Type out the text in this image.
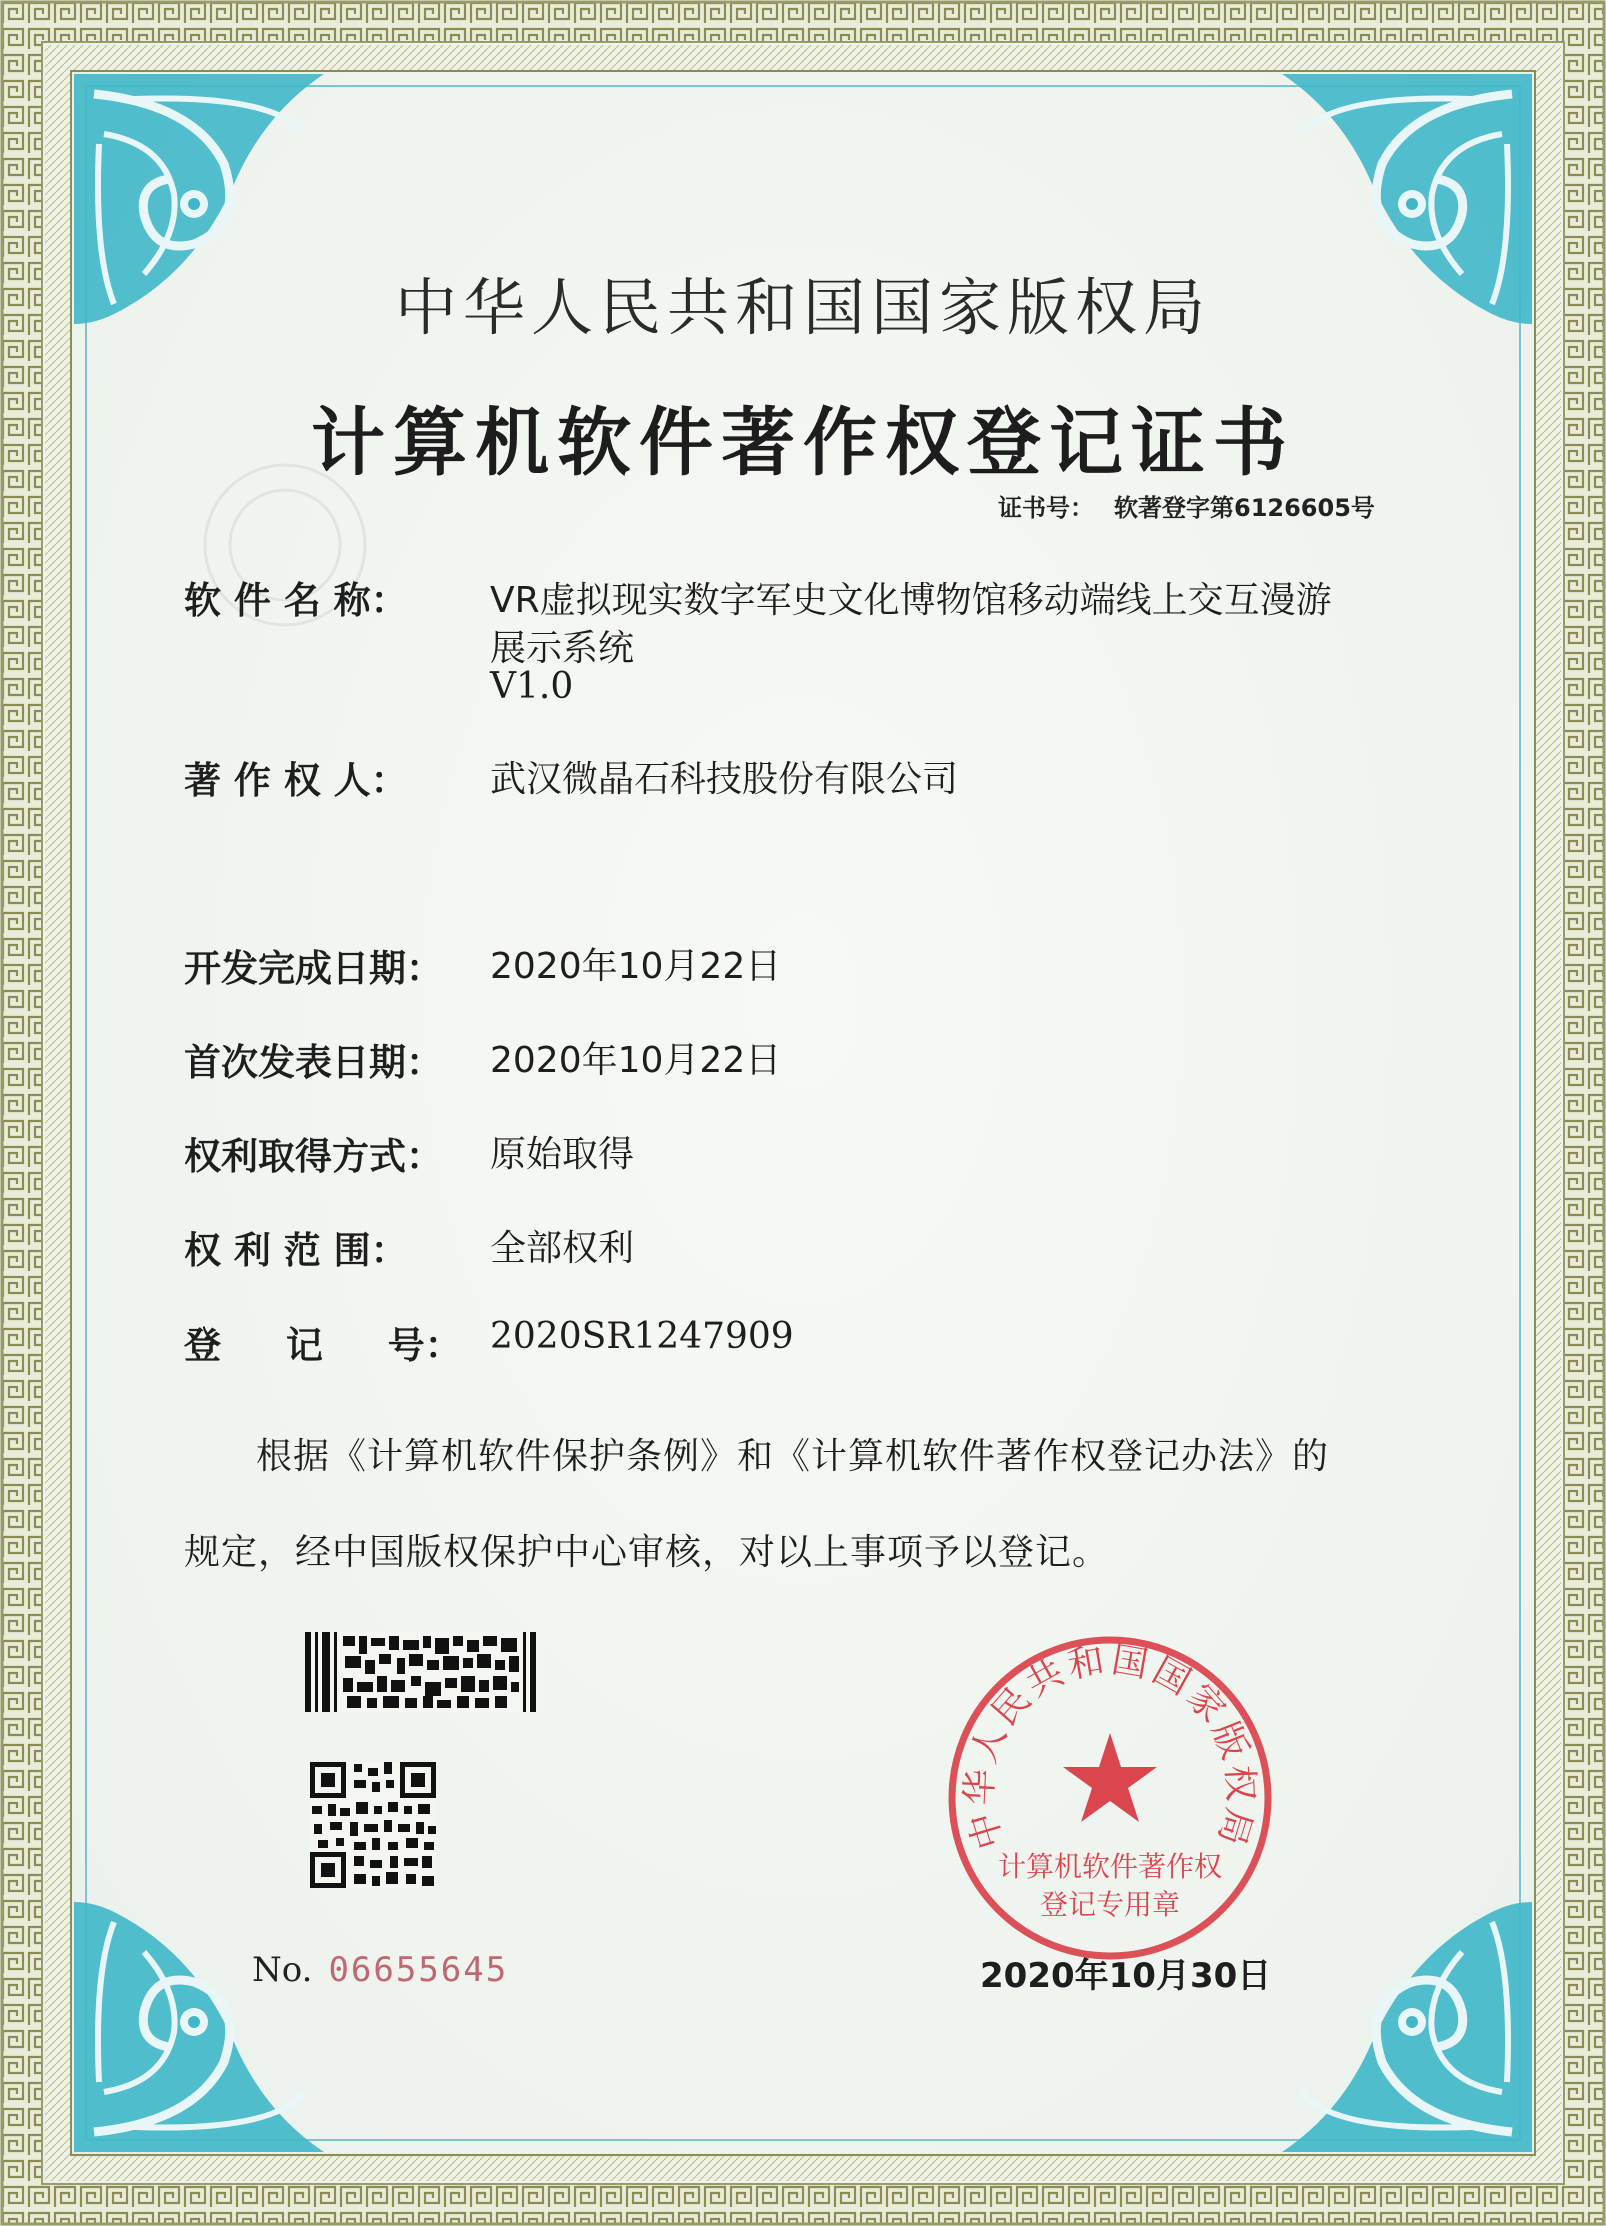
中华人民共和国国家版权局
计算机软件著作权登记证书
证书号： 软著登字第6126605号
软 件 名 称： VR虚拟现实数字军史文化博物馆移动端线上交互漫游
展示系统
V1.0
著 作 权 人： 武汉微晶石科技股份有限公司
开发完成日期： 2020年10月22日
首次发表日期： 2020年10月22日
权利取得方式： 原始取得
权 利 范 围： 全部权利
登 记 号： 2020SR1247909
根据《计算机软件保护条例》和《计算机软件著作权登记办法》的
规定，经中国版权保护中心审核，对以上事项予以登记。
No. 06655645
中华人民共和国国家版权局
计算机软件著作权
登记专用章
2020年10月30日
